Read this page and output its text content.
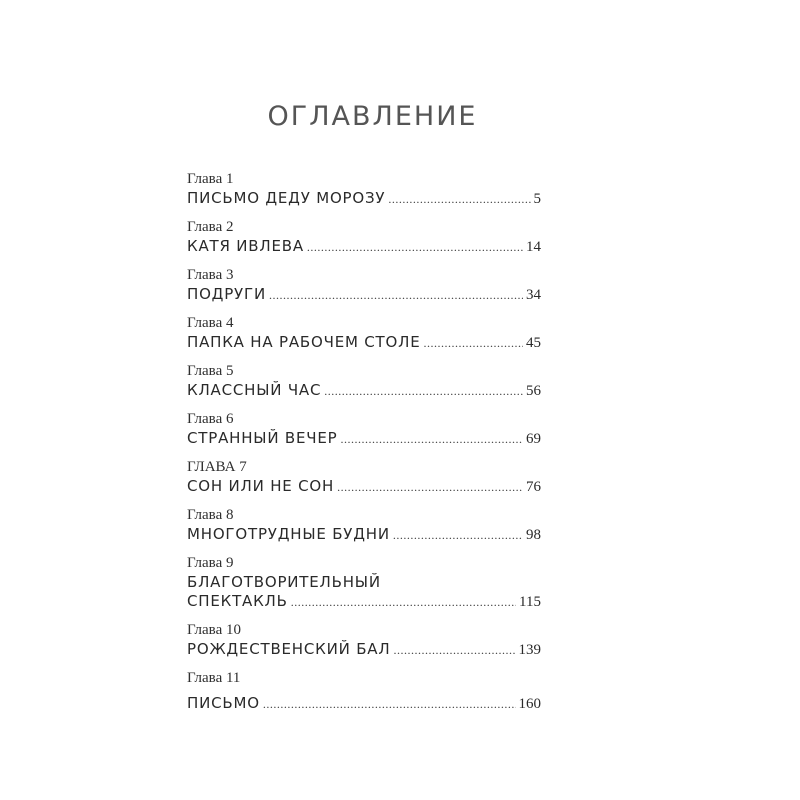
ОГЛАВЛЕНИЕ
Глава 1
ПИСЬМО ДЕДУ МОРОЗУ .....	5
Глава 2
КАТЯ ИВЛЕВА .....	14
Глава 3
ПОДРУГИ .....	34
Глава 4
ПАПКА НА РАБОЧЕМ СТОЛЕ .....	45
Глава 5
КЛАССНЫЙ ЧАС .....	56
Глава 6
СТРАННЫЙ ВЕЧЕР .....	69
ГЛАВА 7
СОН ИЛИ НЕ СОН .....	76
Глава 8
МНОГОТРУДНЫЕ БУДНИ .....	98
Глава 9
БЛАГОТВОРИТЕЛЬНЫЙ
СПЕКТАКЛЬ .....	115
Глава 10
РОЖДЕСТВЕНСКИЙ БАЛ .....	139
Глава 11
ПИСЬМО .....	160
